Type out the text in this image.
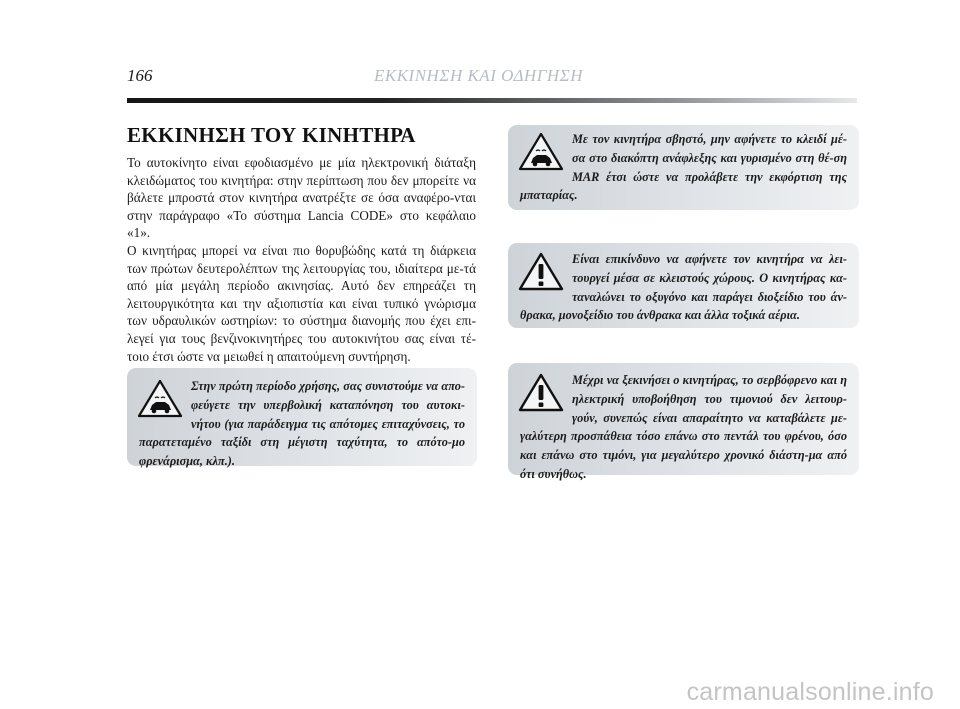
166	ΕΚΚΙΝΗΣΗ ΚΑΙ ΟΔΗΓΗΣΗ
ΕΚΚΙΝΗΣΗ ΤΟΥ ΚΙΝΗΤΗΡΑ

Το αυτοκίνητο είναι εφοδιασμένο με μία ηλεκτρονική διάταξη κλειδώματος του κινητήρα: στην περίπτωση που δεν μπορείτε να βάλετε μπροστά στον κινητήρα ανατρέξτε σε όσα αναφέρο-νται στην παράγραφο «Το σύστημα Lancia CODE» στο κεφάλαιο «1».

Ο κινητήρας μπορεί να είναι πιο θορυβώδης κατά τη διάρκεια των πρώτων δευτερολέπτων της λειτουργίας του, ιδιαίτερα με-τά από μία μεγάλη περίοδο ακινησίας. Αυτό δεν επηρεάζει τη λειτουργικότητα και την αξιοπιστία και είναι τυπικό γνώρισμα των υδραυλικών ωστηρίων: το σύστημα διανομής που έχει επι-λεγεί για τους βενζινοκινητήρες του αυτοκινήτου σας είναι τέ-τοιο έτσι ώστε να μειωθεί η απαιτούμενη συντήρηση.

Στην πρώτη περίοδο χρήσης, σας συνιστούμε να απο-φεύγετε την υπερβολική καταπόνηση του αυτοκι-νήτου (για παράδειγμα τις απότομες επιταχύνσεις, το παρατεταμένο ταξίδι στη μέγιστη ταχύτητα, το απότο-μο φρενάρισμα, κλπ.).
Με τον κινητήρα σβηστό, μην αφήνετε το κλειδί μέ-σα στο διακόπτη ανάφλεξης και γυρισμένο στη θέ-ση MAR έτσι ώστε να προλάβετε την εκφόρτιση της μπαταρίας.
Είναι επικίνδυνο να αφήνετε τον κινητήρα να λει-τουργεί μέσα σε κλειστούς χώρους. Ο κινητήρας κα-ταναλώνει το οξυγόνο και παράγει διοξείδιο του άν-θρακα, μονοξείδιο του άνθρακα και άλλα τοξικά αέρια.
Μέχρι να ξεκινήσει ο κινητήρας, το σερβόφρενο και η ηλεκτρική υποβοήθηση του τιμονιού δεν λειτουρ-γούν, συνεπώς είναι απαραίτητο να καταβάλετε με-γαλύτερη προσπάθεια τόσο επάνω στο πεντάλ του φρένου, όσο και επάνω στο τιμόνι, για μεγαλύτερο χρονικό διάστη-μα από ότι συνήθως.
carmanualsonline.info
